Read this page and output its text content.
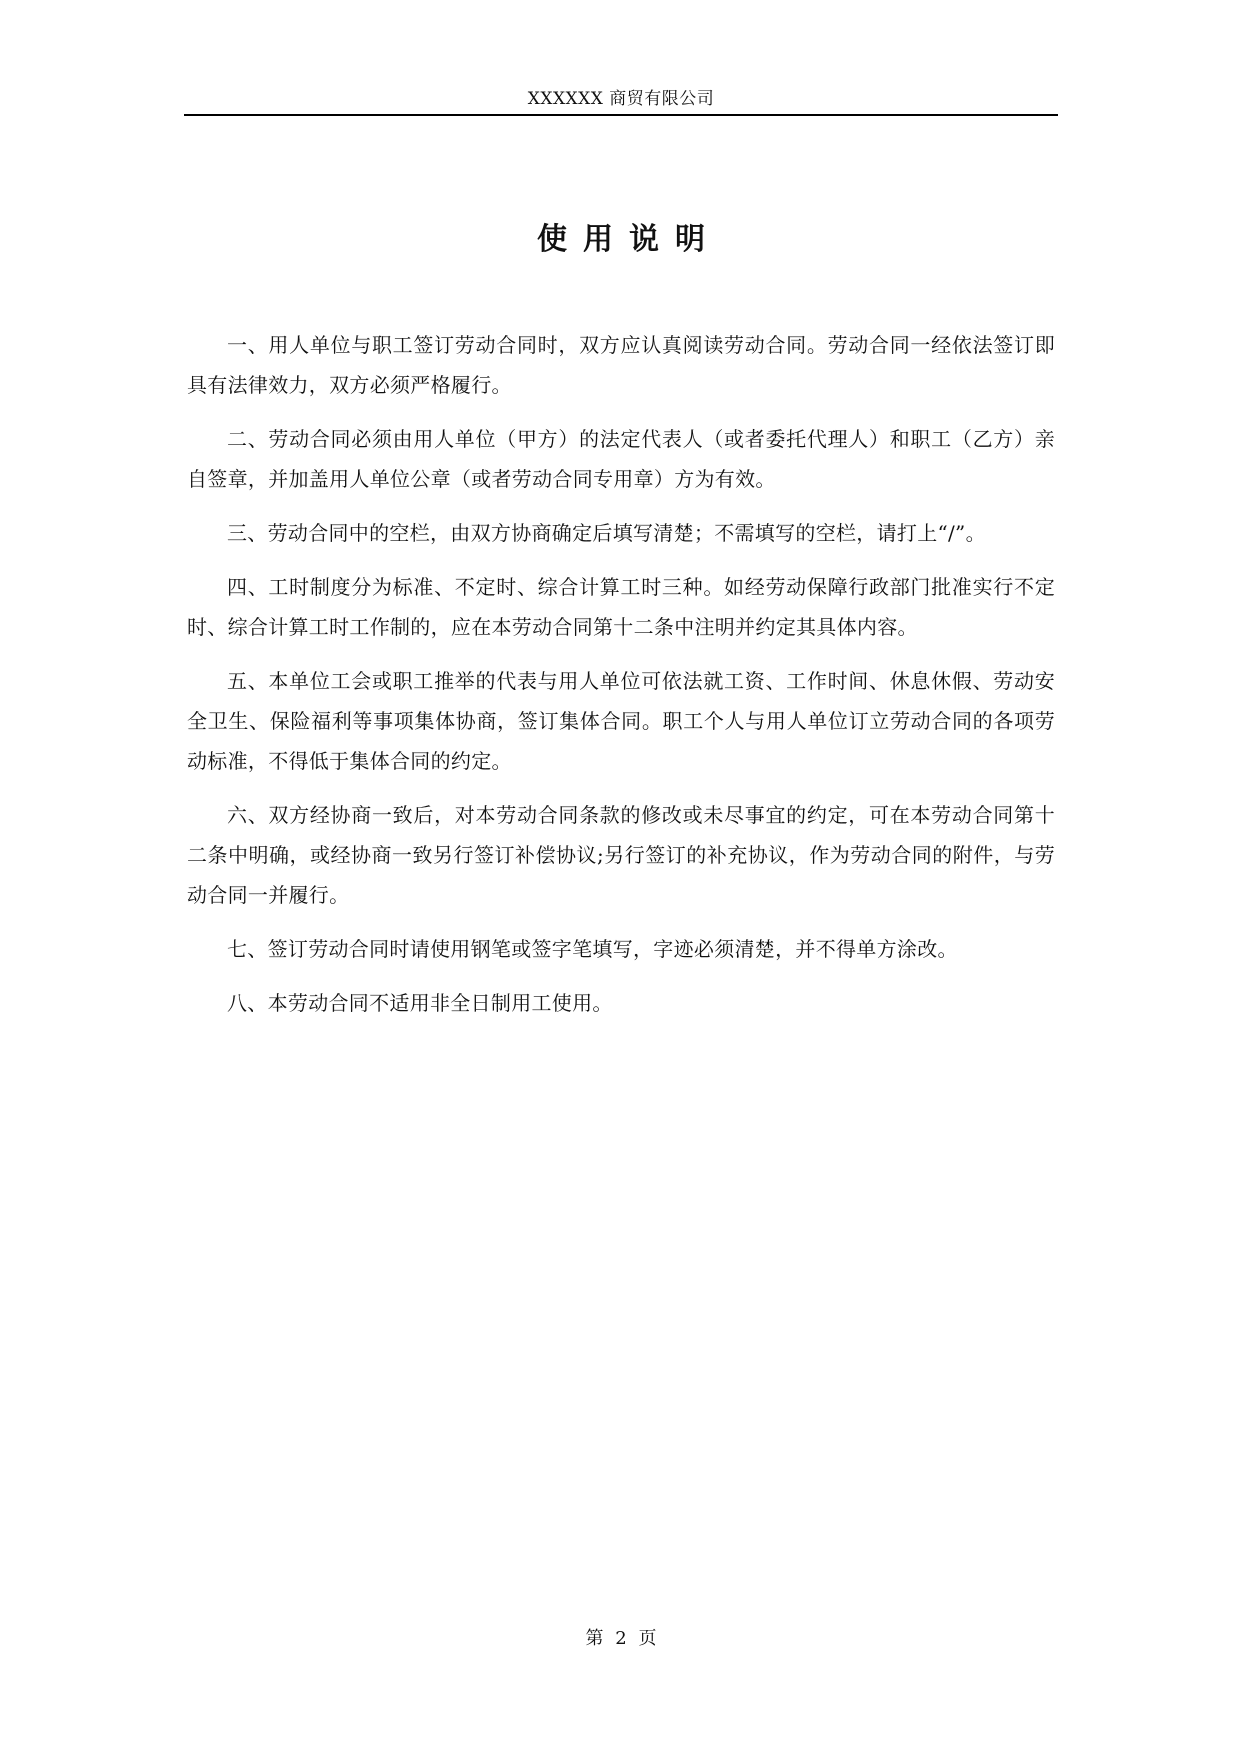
XXXXXX 商贸有限公司
使用说明

一、用人单位与职工签订劳动合同时，双方应认真阅读劳动合同。劳动合同一经依法签订即具有法律效力，双方必须严格履行。

二、劳动合同必须由用人单位（甲方）的法定代表人（或者委托代理人）和职工（乙方）亲自签章，并加盖用人单位公章（或者劳动合同专用章）方为有效。

三、劳动合同中的空栏，由双方协商确定后填写清楚；不需填写的空栏，请打上“/”。

四、工时制度分为标准、不定时、综合计算工时三种。如经劳动保障行政部门批准实行不定时、综合计算工时工作制的，应在本劳动合同第十二条中注明并约定其具体内容。

五、本单位工会或职工推举的代表与用人单位可依法就工资、工作时间、休息休假、劳动安全卫生、保险福利等事项集体协商，签订集体合同。职工个人与用人单位订立劳动合同的各项劳动标准，不得低于集体合同的约定。

六、双方经协商一致后，对本劳动合同条款的修改或未尽事宜的约定，可在本劳动合同第十二条中明确，或经协商一致另行签订补偿协议;另行签订的补充协议，作为劳动合同的附件，与劳动合同一并履行。

七、签订劳动合同时请使用钢笔或签字笔填写，字迹必须清楚，并不得单方涂改。

八、本劳动合同不适用非全日制用工使用。

第 2 页
